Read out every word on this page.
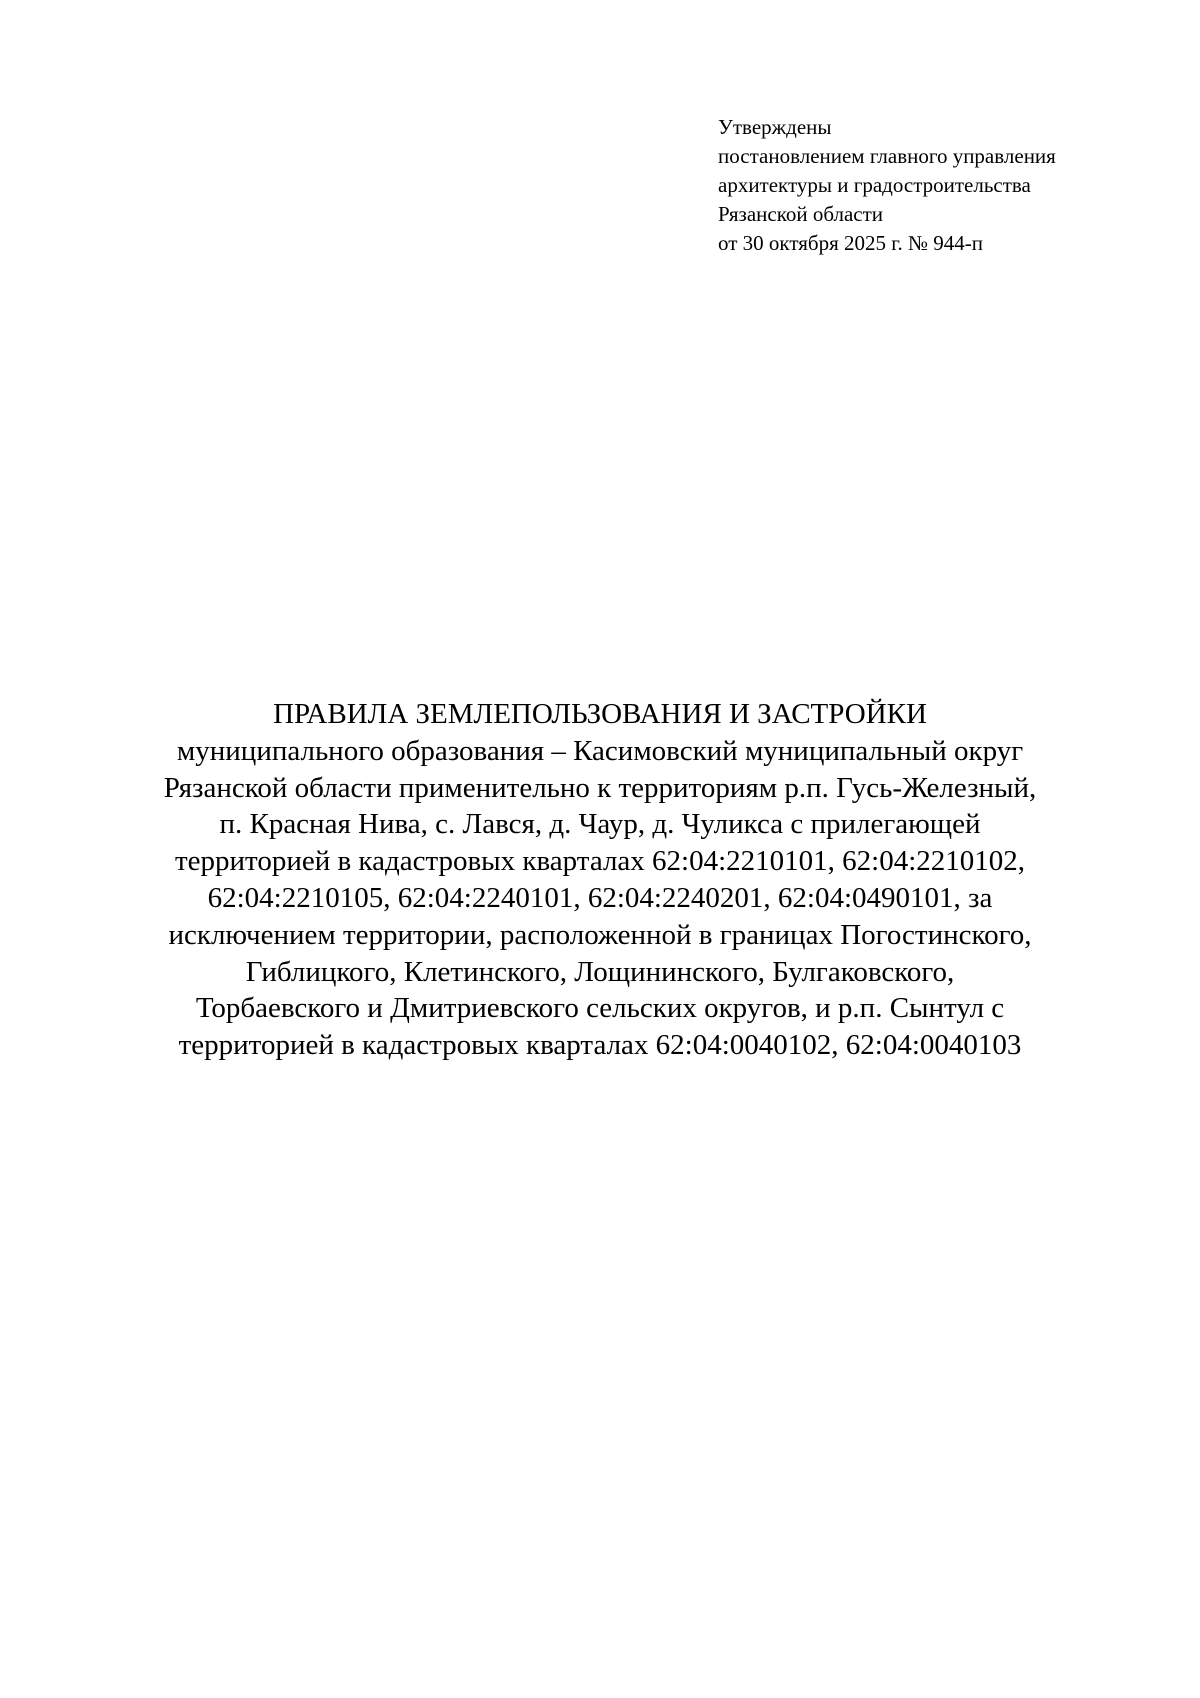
Утверждены
постановлением главного управления
архитектуры и градостроительства
Рязанской области
от 30 октября 2025 г. № 944-п
ПРАВИЛА ЗЕМЛЕПОЛЬЗОВАНИЯ И ЗАСТРОЙКИ
муниципального образования – Касимовский муниципальный округ
Рязанской области применительно к территориям р.п. Гусь-Железный,
п. Красная Нива, с. Лався, д. Чаур, д. Чуликса с прилегающей
территорией в кадастровых кварталах 62:04:2210101, 62:04:2210102,
62:04:2210105, 62:04:2240101, 62:04:2240201, 62:04:0490101, за
исключением территории, расположенной в границах Погостинского,
Гиблицкого, Клетинского, Лощининского, Булгаковского,
Торбаевского и Дмитриевского сельских округов, и р.п. Сынтул с
территорией в кадастровых кварталах 62:04:0040102, 62:04:0040103
